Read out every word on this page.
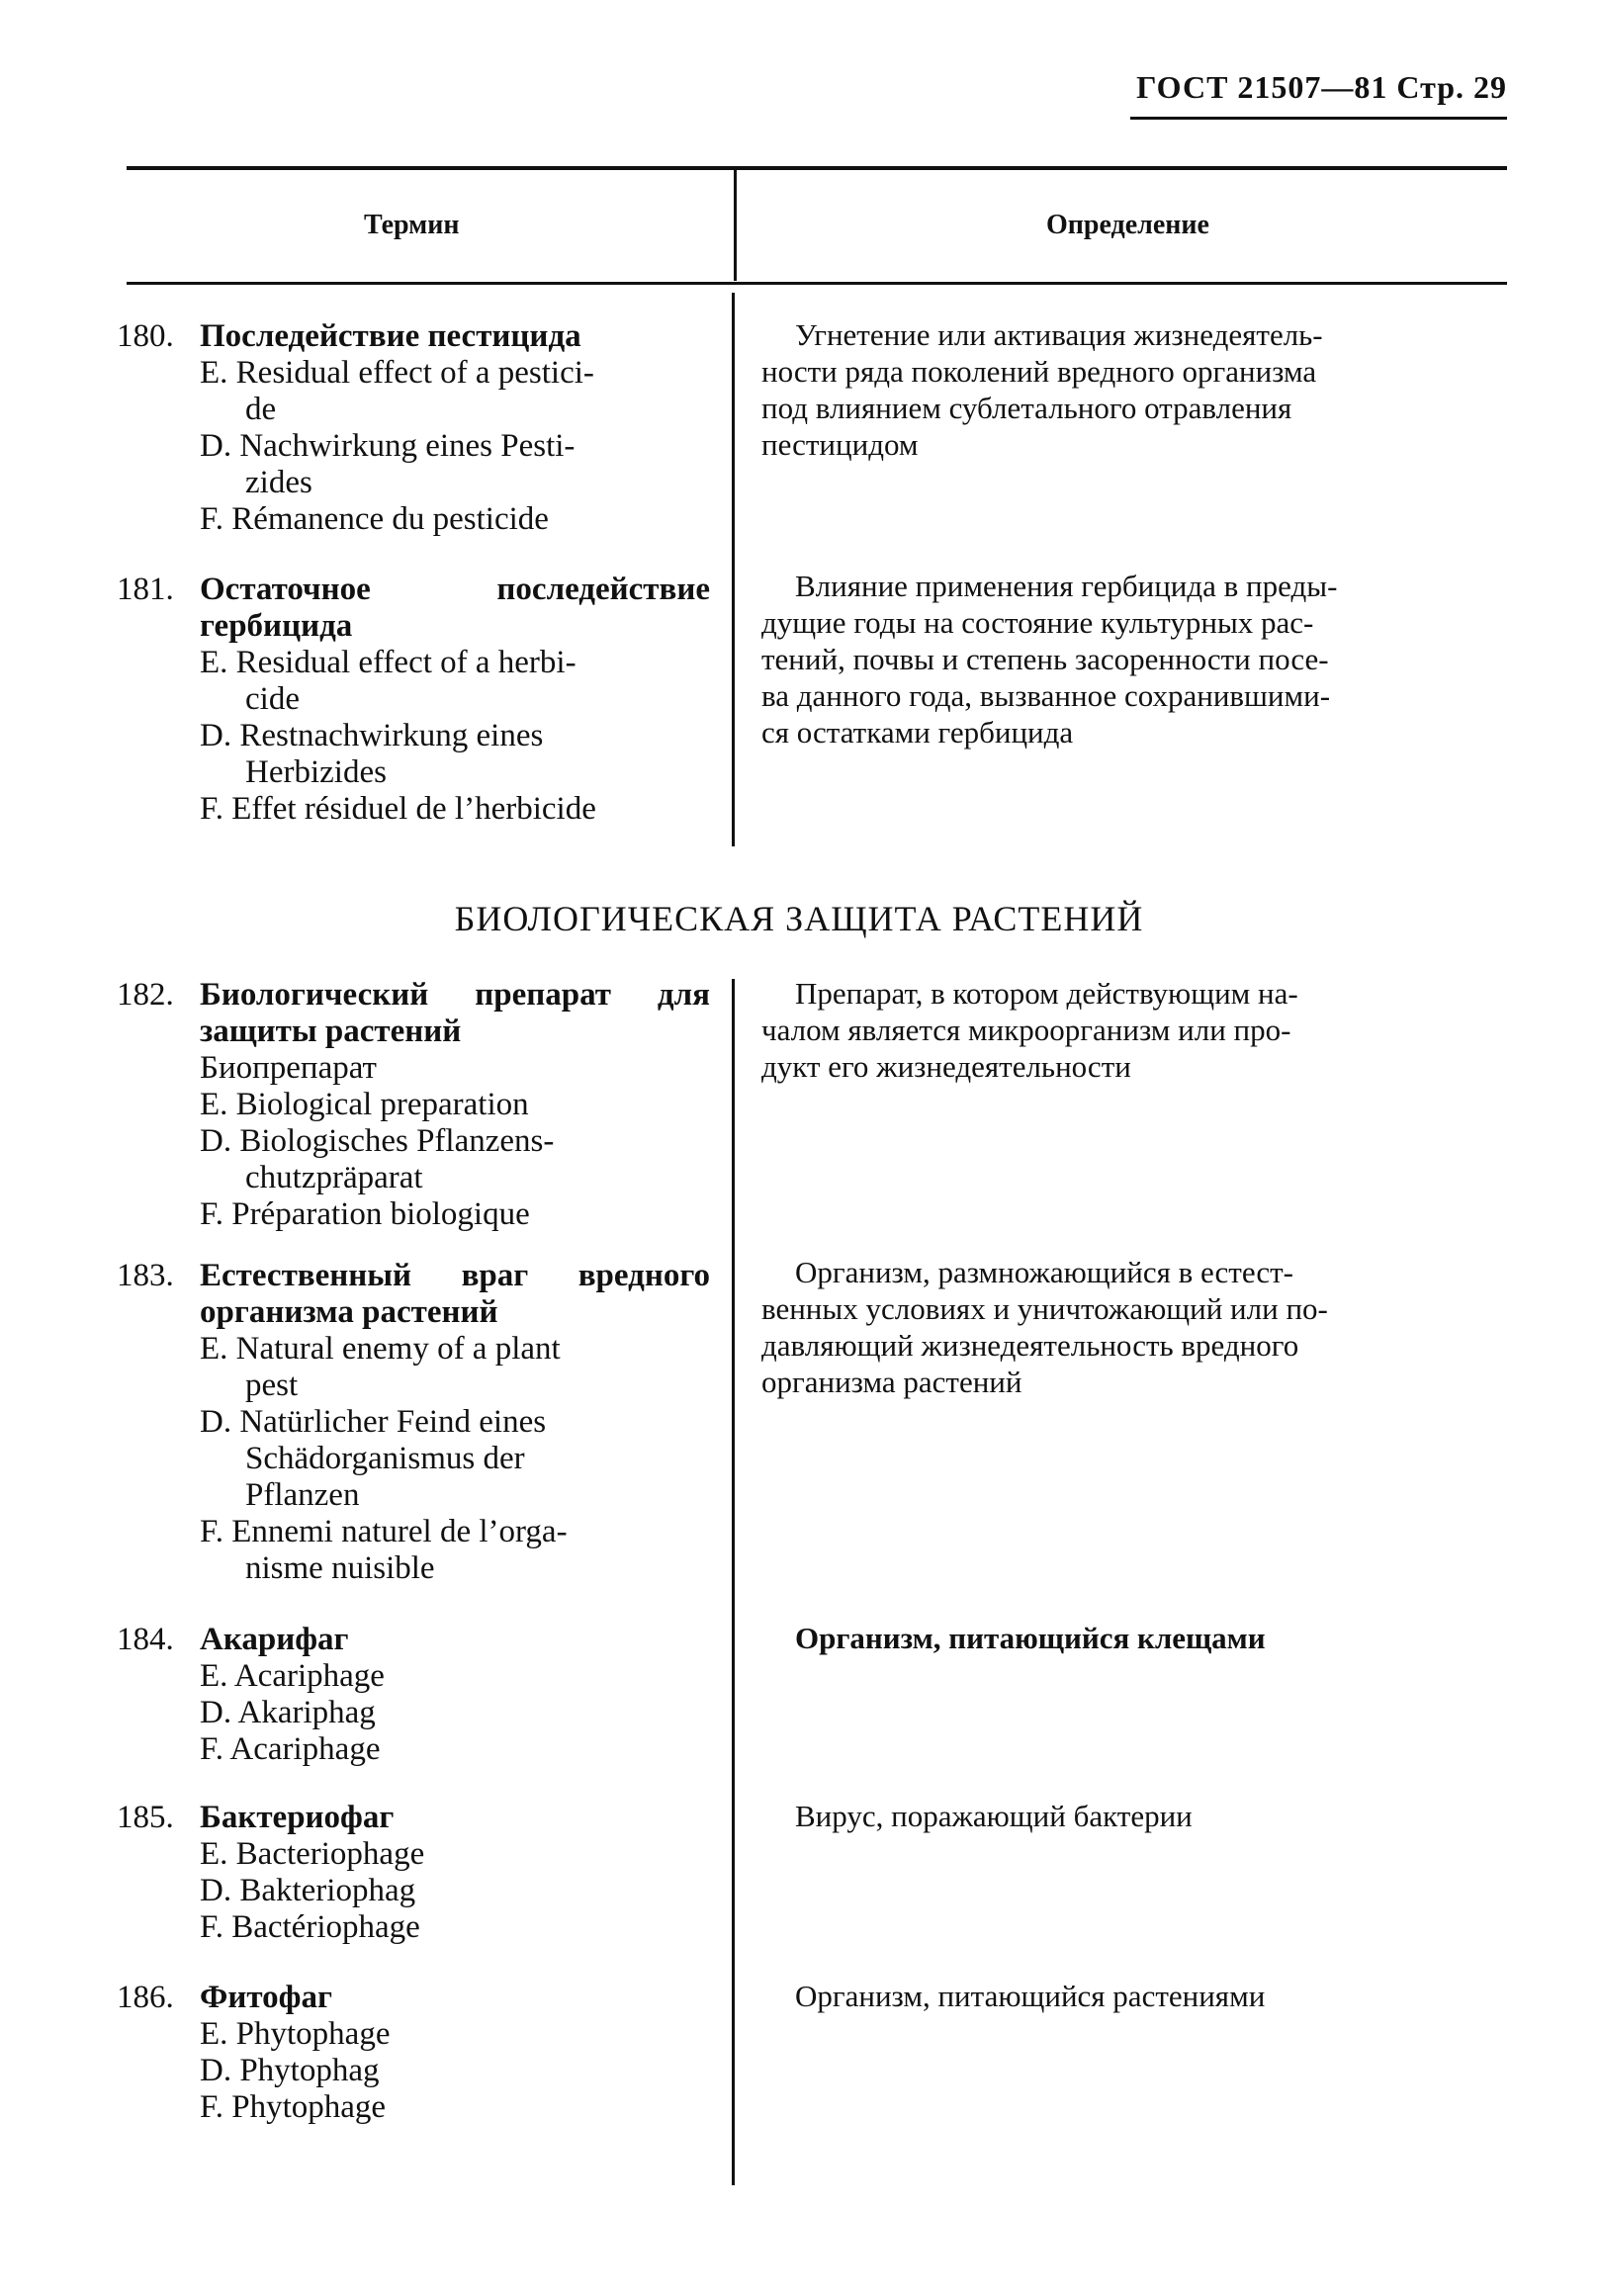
ГОСТ 21507—81 Стр. 29
Термин	Определение
180. Последействие пестицида
E. Residual effect of a pestici-
de
D. Nachwirkung eines Pesti-
zides
F. Rémanence du pesticide
Угнетение или активация жизнедеятель-
ности ряда поколений вредного организма
под влиянием сублетального отравления
пестицидом
181. Остаточное последействие
гербицида
E. Residual effect of a herbi-
cide
D. Restnachwirkung eines
Herbizides
F. Effet résiduel de l’herbicide
Влияние применения гербицида в преды-
дущие годы на состояние культурных рас-
тений, почвы и степень засоренности посе-
ва данного года, вызванное сохранившими-
ся остатками гербицида
БИОЛОГИЧЕСКАЯ ЗАЩИТА РАСТЕНИЙ
182. Биологический препарат для
защиты растений
Биопрепарат
E. Biological preparation
D. Biologisches Pflanzens-
chutzpräparat
F. Préparation biologique
Препарат, в котором действующим на-
чалом является микроорганизм или про-
дукт его жизнедеятельности
183. Естественный враг вредного
организма растений
E. Natural enemy of a plant
pest
D. Natürlicher Feind eines
Schädorganismus der
Pflanzen
F. Ennemi naturel de l’orga-
nisme nuisible
Организм, размножающийся в естест-
венных условиях и уничтожающий или по-
давляющий жизнедеятельность вредного
организма растений
184. Акарифаг
E. Acariphage
D. Akariphag
F. Acariphage
Организм, питающийся клещами
185. Бактериофаг
E. Bacteriophage
D. Bakteriophag
F. Bactériophage
Вирус, поражающий бактерии
186. Фитофаг
E. Phytophage
D. Phytophag
F. Phytophage
Организм, питающийся растениями
